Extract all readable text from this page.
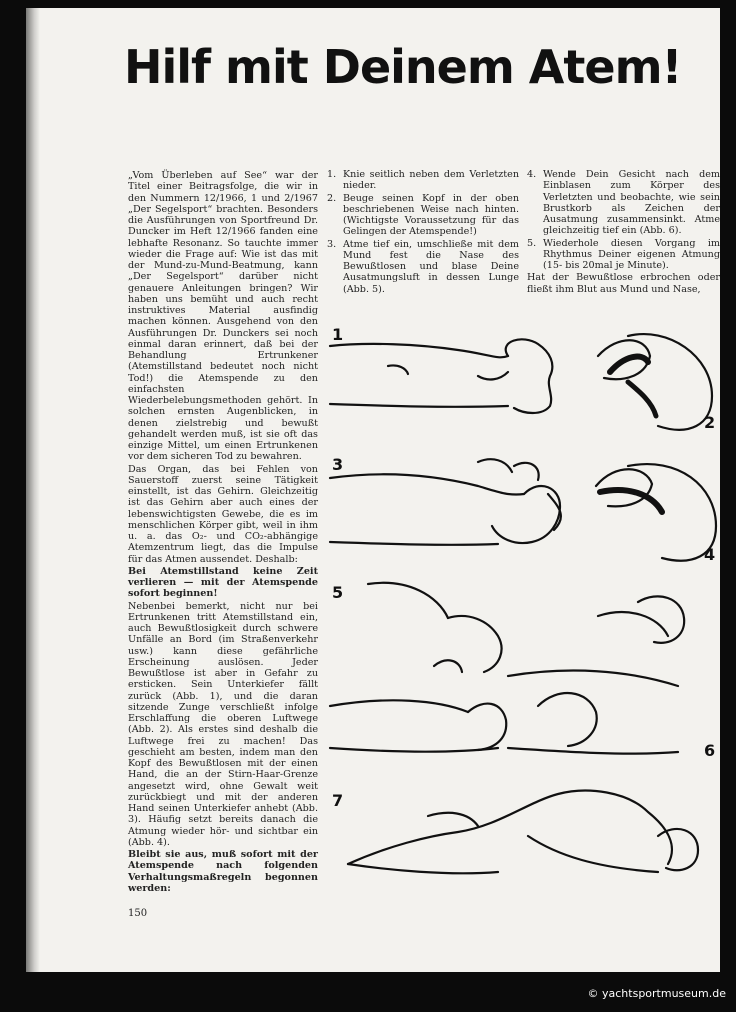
Hilf mit Deinem Atem!

„Vom Überleben auf See“ war der Titel einer Beitragsfolge, die wir in den Nummern 12/1966, 1 und 2/1967 „Der Segelsport“ brachten. Besonders die Ausführungen von Sportfreund Dr. Duncker im Heft 12/1966 fanden eine lebhafte Resonanz. So tauchte immer wieder die Frage auf: Wie ist das mit der Mund-zu-Mund-Beatmung, kann „Der Segelsport“ darüber nicht genauere Anleitungen bringen? Wir haben uns bemüht und auch recht instruktives Material ausfindig machen können. Ausgehend von den Ausführungen Dr. Dunckers sei noch einmal daran erinnert, daß bei der Behandlung Ertrunkener (Atemstillstand bedeutet noch nicht Tod!) die Atemspende zu den einfachsten Wiederbelebungsmethoden gehört. In solchen ernsten Augenblicken, in denen zielstrebig und bewußt gehandelt werden muß, ist sie oft das einzige Mittel, um einen Ertrunkenen vor dem sicheren Tod zu bewahren.

Das Organ, das bei Fehlen von Sauerstoff zuerst seine Tätigkeit einstellt, ist das Gehirn. Gleichzeitig ist das Gehirn aber auch eines der lebenswichtigsten Gewebe, die es im menschlichen Körper gibt, weil in ihm u. a. das O₂- und CO₂-abhängige Atemzentrum liegt, das die Impulse für das Atmen aussendet. Deshalb:

Bei Atemstillstand keine Zeit verlieren — mit der Atemspende sofort beginnen!

Nebenbei bemerkt, nicht nur bei Ertrunkenen tritt Atemstillstand ein, auch Bewußtlosigkeit durch schwere Unfälle an Bord (im Straßenverkehr usw.) kann diese gefährliche Erscheinung auslösen. Jeder Bewußtlose ist aber in Gefahr zu ersticken. Sein Unterkiefer fällt zurück (Abb. 1), und die daran sitzende Zunge verschließt infolge Erschlaffung die oberen Luftwege (Abb. 2). Als erstes sind deshalb die Luftwege frei zu machen! Das geschieht am besten, indem man den Kopf des Bewußtlosen mit der einen Hand, die an der Stirn-Haar-Grenze angesetzt wird, ohne Gewalt weit zurückbiegt und mit der anderen Hand seinen Unterkiefer anhebt (Abb. 3). Häufig setzt bereits danach die Atmung wieder hör- und sichtbar ein (Abb. 4).

Bleibt sie aus, muß sofort mit der Atemspende nach folgenden Verhaltungsmaßregeln begonnen werden:

1. Knie seitlich neben dem Verletzten nieder.
2. Beuge seinen Kopf in der oben beschriebenen Weise nach hinten. (Wichtigste Voraussetzung für das Gelingen der Atemspende!)
3. Atme tief ein, umschließe mit dem Mund fest die Nase des Bewußtlosen und blase Deine Ausatmungsluft in dessen Lunge (Abb. 5).
4. Wende Dein Gesicht nach dem Einblasen zum Körper des Verletzten und beobachte, wie sein Brustkorb als Zeichen der Ausatmung zusammensinkt. Atme gleichzeitig tief ein (Abb. 6).
5. Wiederhole diesen Vorgang im Rhythmus Deiner eigenen Atmung (15- bis 20mal je Minute).

Hat der Bewußtlose erbrochen oder fließt ihm Blut aus Mund und Nase,

1
2
3
4
5
6
7

150

© yachtsportmuseum.de
